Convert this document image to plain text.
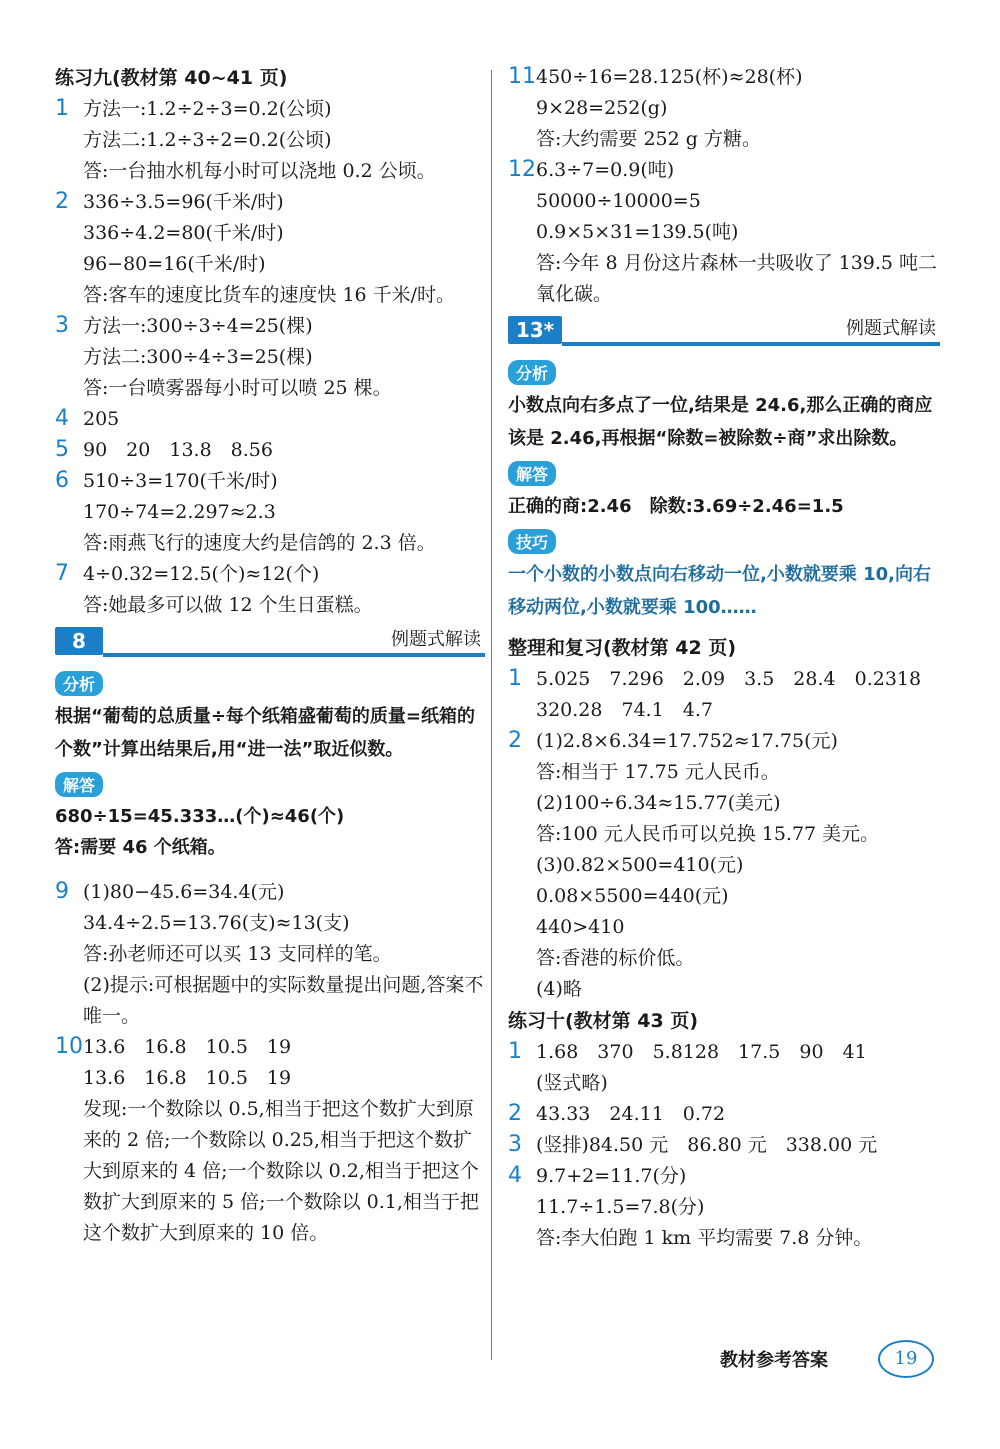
练习九(教材第 40~41 页)
1 方法一:1.2÷2÷3=0.2(公顷)
方法二:1.2÷3÷2=0.2(公顷)
答:一台抽水机每小时可以浇地 0.2 公顷。
2 336÷3.5=96(千米/时)
336÷4.2=80(千米/时)
96−80=16(千米/时)
答:客车的速度比货车的速度快 16 千米/时。
3 方法一:300÷3÷4=25(棵)
方法二:300÷4÷3=25(棵)
答:一台喷雾器每小时可以喷 25 棵。
4 205
5 90　20　13.8　8.56
6 510÷3=170(千米/时)
170÷74=2.297≈2.3
答:雨燕飞行的速度大约是信鸽的 2.3 倍。
7 4÷0.32=12.5(个)≈12(个)
答:她最多可以做 12 个生日蛋糕。
8	例题式解读
分析
根据“葡萄的总质量÷每个纸箱盛葡萄的质量=纸箱的个数”计算出结果后,用“进一法”取近似数。
解答
680÷15=45.333…(个)≈46(个)
答:需要 46 个纸箱。
9 (1)80−45.6=34.4(元)
34.4÷2.5=13.76(支)≈13(支)
答:孙老师还可以买 13 支同样的笔。
(2)提示:可根据题中的实际数量提出问题,答案不唯一。
10 13.6　16.8　10.5　19
13.6　16.8　10.5　19
发现:一个数除以 0.5,相当于把这个数扩大到原来的 2 倍;一个数除以 0.25,相当于把这个数扩大到原来的 4 倍;一个数除以 0.2,相当于把这个数扩大到原来的 5 倍;一个数除以 0.1,相当于把这个数扩大到原来的 10 倍。
11 450÷16=28.125(杯)≈28(杯)
9×28=252(g)
答:大约需要 252 g 方糖。
12 6.3÷7=0.9(吨)
50000÷10000=5
0.9×5×31=139.5(吨)
答:今年 8 月份这片森林一共吸收了 139.5 吨二氧化碳。
13*	例题式解读
分析
小数点向右多点了一位,结果是 24.6,那么正确的商应该是 2.46,再根据“除数=被除数÷商”求出除数。
解答
正确的商:2.46　除数:3.69÷2.46=1.5
技巧
一个小数的小数点向右移动一位,小数就要乘 10,向右移动两位,小数就要乘 100……
整理和复习(教材第 42 页)
1 5.025　7.296　2.09　3.5　28.4　0.2318
320.28　74.1　4.7
2 (1)2.8×6.34=17.752≈17.75(元)
答:相当于 17.75 元人民币。
(2)100÷6.34≈15.77(美元)
答:100 元人民币可以兑换 15.77 美元。
(3)0.82×500=410(元)
0.08×5500=440(元)
440>410
答:香港的标价低。
(4)略
练习十(教材第 43 页)
1 1.68　370　5.8128　17.5　90　41
(竖式略)
2 43.33　24.11　0.72
3 (竖排)84.50 元　86.80 元　338.00 元
4 9.7+2=11.7(分)
11.7÷1.5=7.8(分)
答:李大伯跑 1 km 平均需要 7.8 分钟。
教材参考答案	19
